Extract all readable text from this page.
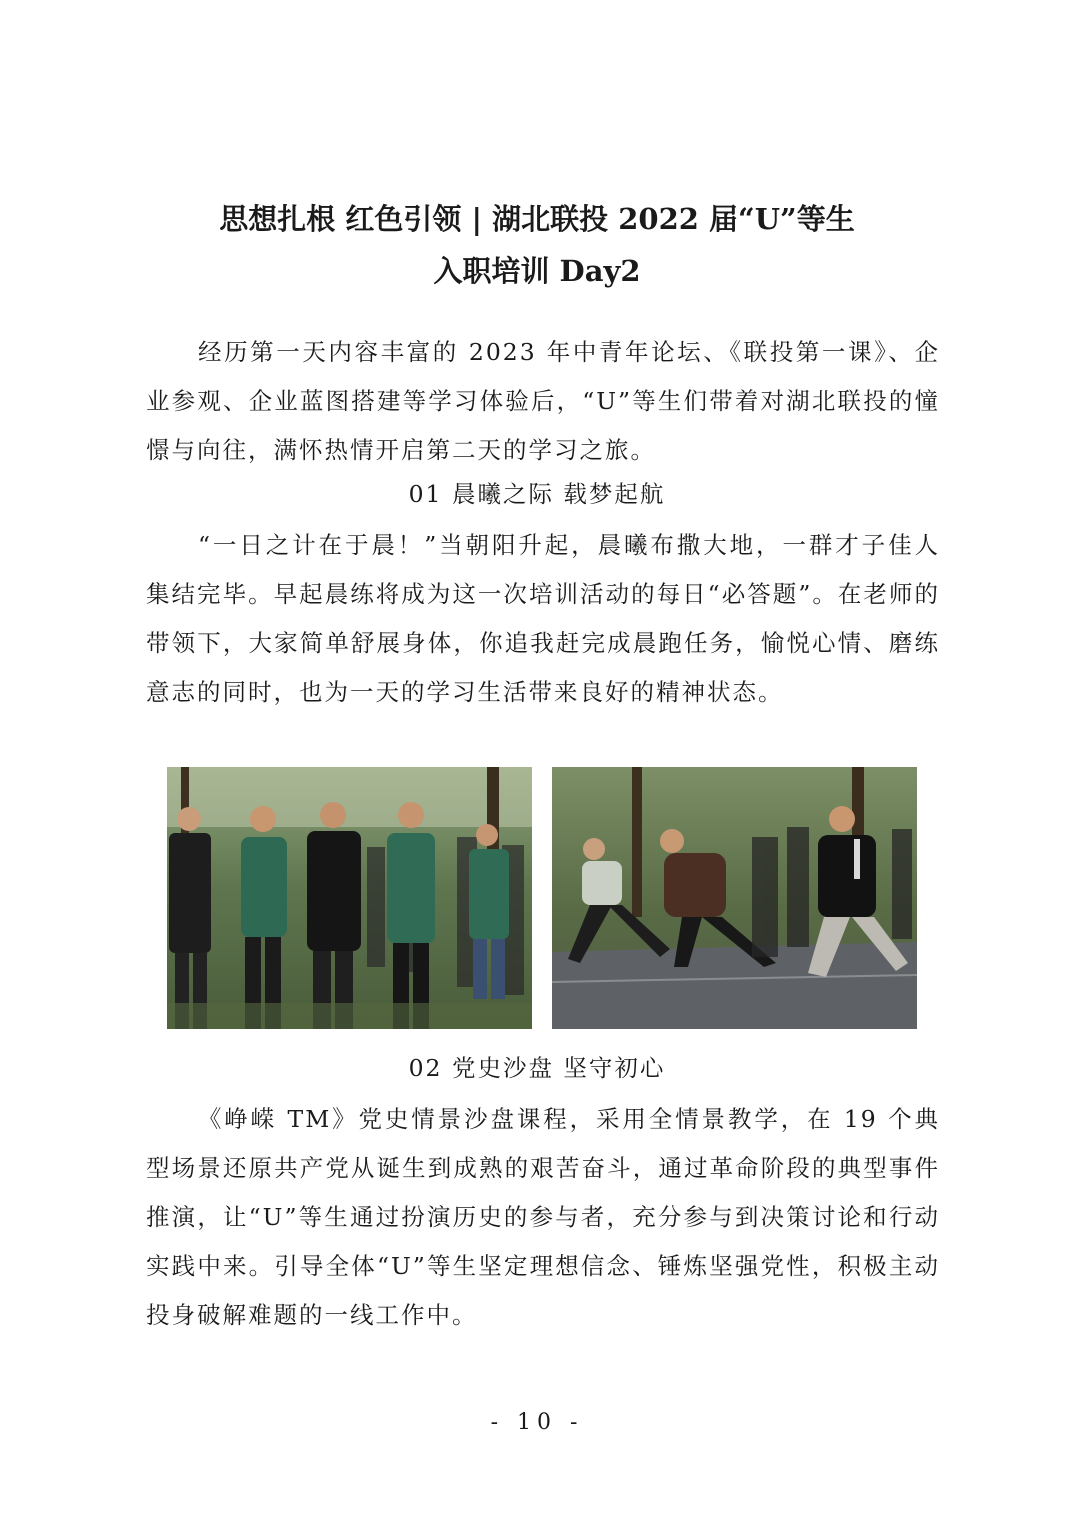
思想扎根 红色引领 | 湖北联投 2022 届“U”等生
入职培训 Day2

经历第一天内容丰富的 2023 年中青年论坛、《联投第一课》、企业参观、企业蓝图搭建等学习体验后，“U”等生们带着对湖北联投的憧憬与向往，满怀热情开启第二天的学习之旅。

01 晨曦之际 载梦起航

“一日之计在于晨！”当朝阳升起，晨曦布撒大地，一群才子佳人集结完毕。早起晨练将成为这一次培训活动的每日“必答题”。在老师的带领下，大家简单舒展身体，你追我赶完成晨跑任务，愉悦心情、磨练意志的同时，也为一天的学习生活带来良好的精神状态。

02 党史沙盘 坚守初心

《峥嵘 TM》党史情景沙盘课程，采用全情景教学，在 19 个典型场景还原共产党从诞生到成熟的艰苦奋斗，通过革命阶段的典型事件推演，让“U”等生通过扮演历史的参与者，充分参与到决策讨论和行动实践中来。引导全体“U”等生坚定理想信念、锤炼坚强党性，积极主动投身破解难题的一线工作中。

- 10 -
